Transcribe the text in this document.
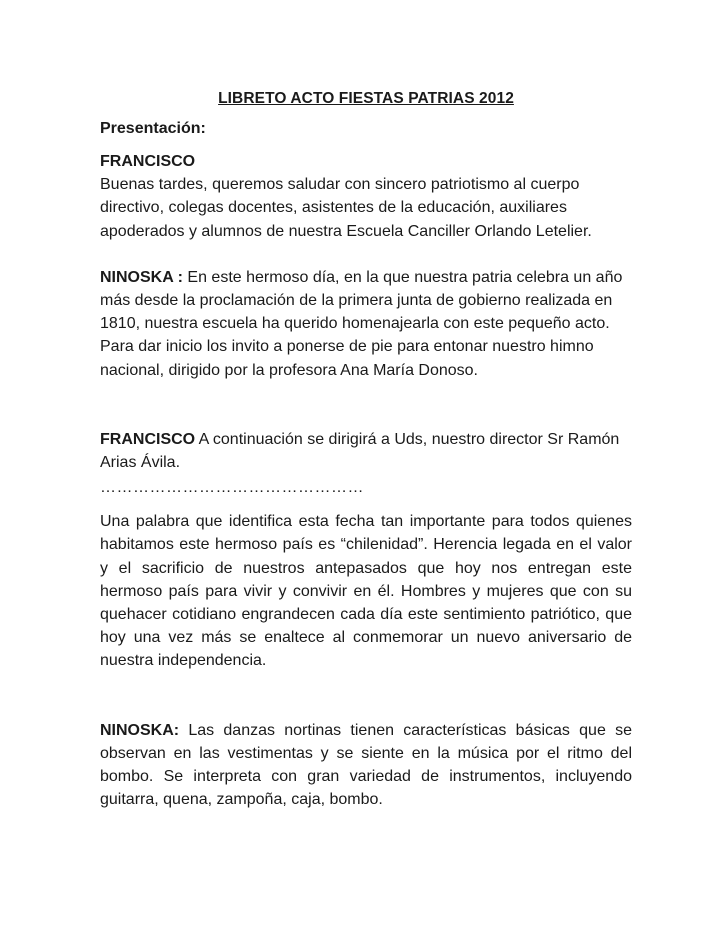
LIBRETO ACTO FIESTAS PATRIAS 2012
Presentación:

FRANCISCO
Buenas tardes, queremos saludar con sincero patriotismo al cuerpo directivo, colegas docentes, asistentes de la educación, auxiliares apoderados y alumnos de nuestra Escuela Canciller Orlando Letelier.

NINOSKA : En este hermoso día, en la que nuestra patria celebra un año más desde la proclamación de la primera junta de gobierno realizada en 1810, nuestra escuela ha querido homenajearla con este pequeño acto. Para dar inicio los invito a ponerse de pie para entonar nuestro himno nacional, dirigido por la profesora Ana María Donoso.

FRANCISCO A continuación se dirigirá a Uds, nuestro director Sr Ramón Arias Ávila.

…………………………………………

Una palabra que identifica esta fecha tan importante para todos quienes habitamos este hermoso país es “chilenidad”. Herencia legada en el valor y el sacrificio de nuestros antepasados que hoy nos entregan este hermoso país para vivir y convivir en él. Hombres y mujeres que con su quehacer cotidiano engrandecen cada día este sentimiento patriótico, que hoy una vez más se enaltece al conmemorar un nuevo aniversario de nuestra independencia.

NINOSKA: Las danzas nortinas tienen características básicas que se observan en las vestimentas y se siente en la música por el ritmo del bombo. Se interpreta con gran variedad de instrumentos, incluyendo guitarra, quena, zampoña, caja, bombo.
